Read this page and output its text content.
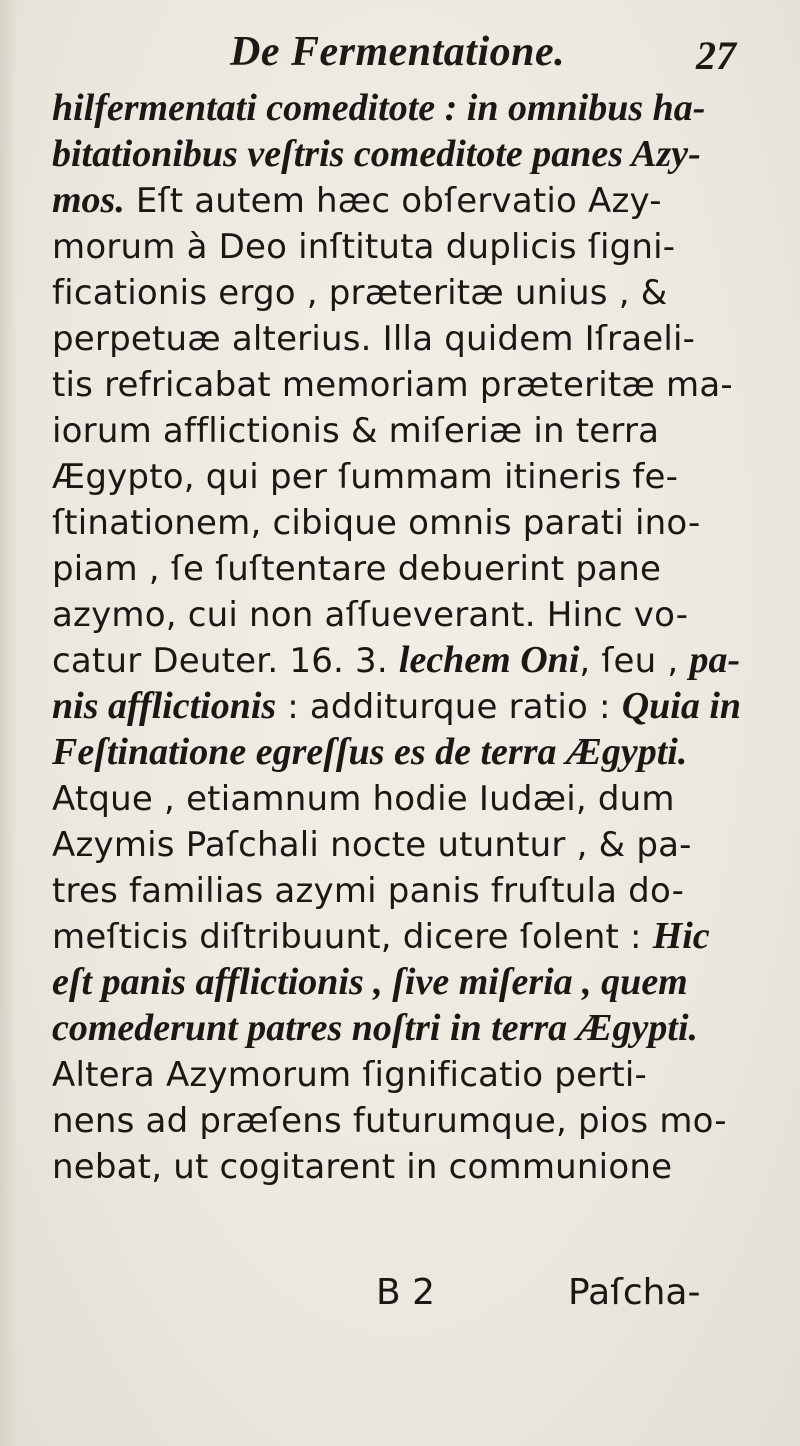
De Fermentatione.	27
hilfermentati comeditote : in omnibus ha-
bitationibus veſtris comeditote panes Azy-
mos. Eſt autem hæc obſervatio Azy-
morum à Deo inſtituta duplicis ſigni-
ficationis ergo , præteritæ unius , &
perpetuæ alterius. Illa quidem Iſraeli-
tis refricabat memoriam præteritæ ma-
iorum afflictionis & miſeriæ in terra
Ægypto, qui per ſummam itineris fe-
ſtinationem, cibique omnis parati ino-
piam , ſe ſuſtentare debuerint pane
azymo, cui non aſſueverant. Hinc vo-
catur Deuter. 16. 3. lechem Oni, ſeu , pa-
nis afflictionis : additurque ratio : Quia in
Feſtinatione egreſſus es de terra Ægypti.
Atque , etiamnum hodie Iudæi, dum
Azymis Paſchali nocte utuntur , & pa-
tres familias azymi panis fruſtula do-
meſticis diſtribuunt, dicere ſolent : Hic
eſt panis afflictionis , ſive miſeria , quem
comederunt patres noſtri in terra Ægypti.
Altera Azymorum ſignificatio perti-
nens ad præſens futurumque, pios mo-
nebat, ut cogitarent in communione
B 2	Paſcha-
